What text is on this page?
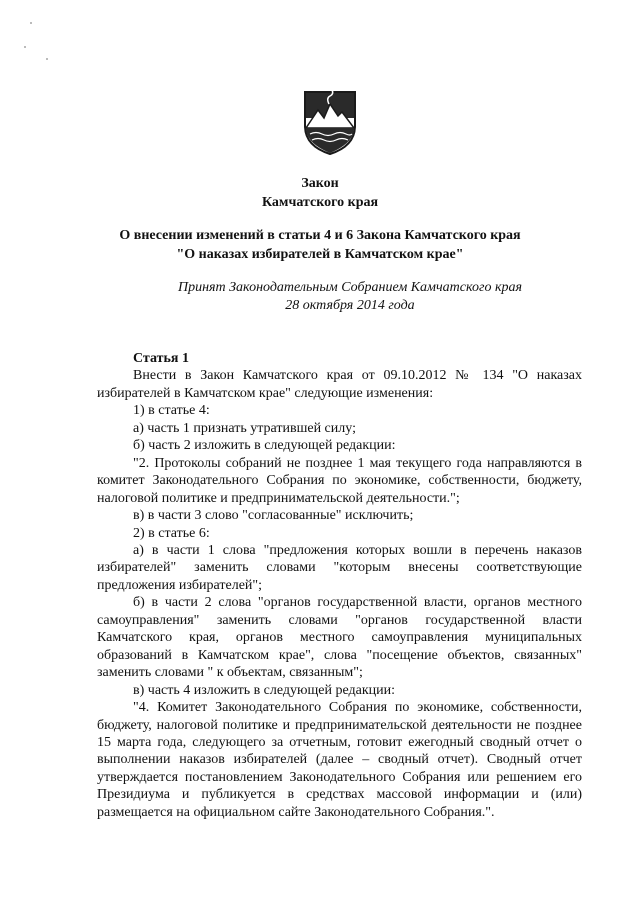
Закон
Камчатского края
О внесении изменений в статьи 4 и 6 Закона Камчатского края
"О наказах избирателей в Камчатском крае"
Принят Законодательным Собранием Камчатского края
28 октября 2014 года
Статья 1

Внести в Закон Камчатского края от 09.10.2012 № 134 "О наказах избирателей в Камчатском крае" следующие изменения:

1) в статье 4:

а) часть 1 признать утратившей силу;

б) часть 2 изложить в следующей редакции:

"2. Протоколы собраний не позднее 1 мая текущего года направляются в комитет Законодательного Собрания по экономике, собственности, бюджету, налоговой политике и предпринимательской деятельности.";

в) в части 3 слово "согласованные" исключить;

2) в статье 6:

а) в части 1 слова "предложения которых вошли в перечень наказов избирателей" заменить словами "которым внесены соответствующие предложения избирателей";

б) в части 2 слова "органов государственной власти, органов местного самоуправления" заменить словами "органов государственной власти Камчатского края, органов местного самоуправления муниципальных образований в Камчатском крае", слова "посещение объектов, связанных" заменить словами " к объектам, связанным";

в) часть 4 изложить в следующей редакции:

"4. Комитет Законодательного Собрания по экономике, собственности, бюджету, налоговой политике и предпринимательской деятельности не позднее 15 марта года, следующего за отчетным, готовит ежегодный сводный отчет о выполнении наказов избирателей (далее – сводный отчет). Сводный отчет утверждается постановлением Законодательного Собрания или решением его Президиума и публикуется в средствах массовой информации и (или) размещается на официальном сайте Законодательного Собрания.".
